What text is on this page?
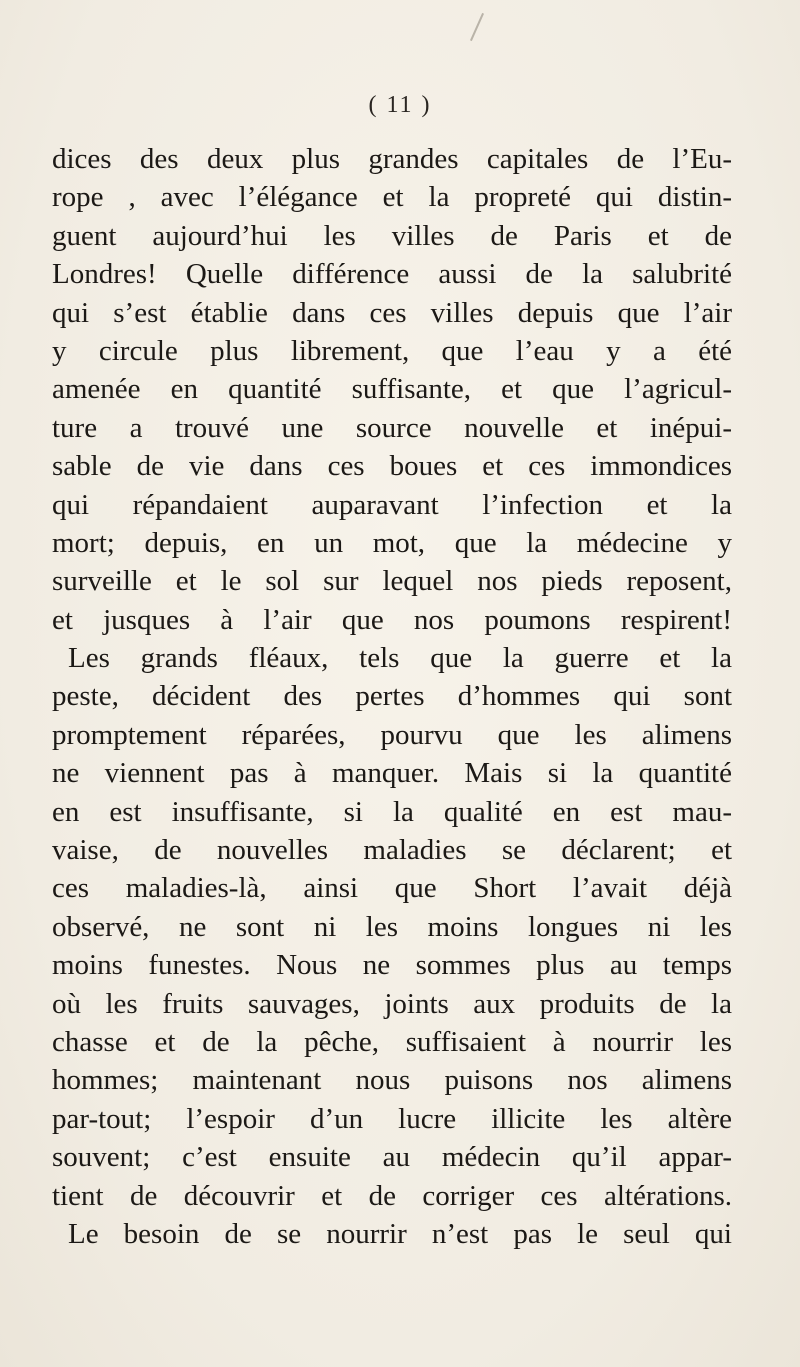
( 11 )
dices des deux plus grandes capitales de l’Eu-
rope , avec l’élégance et la propreté qui distin-
guent aujourd’hui les villes de Paris et de
Londres! Quelle différence aussi de la salubrité
qui s’est établie dans ces villes depuis que l’air
y circule plus librement, que l’eau y a été
amenée en quantité suffisante, et que l’agricul-
ture a trouvé une source nouvelle et inépui-
sable de vie dans ces boues et ces immondices
qui répandaient auparavant l’infection et la
mort; depuis, en un mot, que la médecine y
surveille et le sol sur lequel nos pieds reposent,
et jusques à l’air que nos poumons respirent!
Les grands fléaux, tels que la guerre et la
peste, décident des pertes d’hommes qui sont
promptement réparées, pourvu que les alimens
ne viennent pas à manquer. Mais si la quantité
en est insuffisante, si la qualité en est mau-
vaise, de nouvelles maladies se déclarent; et
ces maladies-là, ainsi que Short l’avait déjà
observé, ne sont ni les moins longues ni les
moins funestes. Nous ne sommes plus au temps
où les fruits sauvages, joints aux produits de la
chasse et de la pêche, suffisaient à nourrir les
hommes; maintenant nous puisons nos alimens
par-tout; l’espoir d’un lucre illicite les altère
souvent; c’est ensuite au médecin qu’il appar-
tient de découvrir et de corriger ces altérations.
Le besoin de se nourrir n’est pas le seul qui
